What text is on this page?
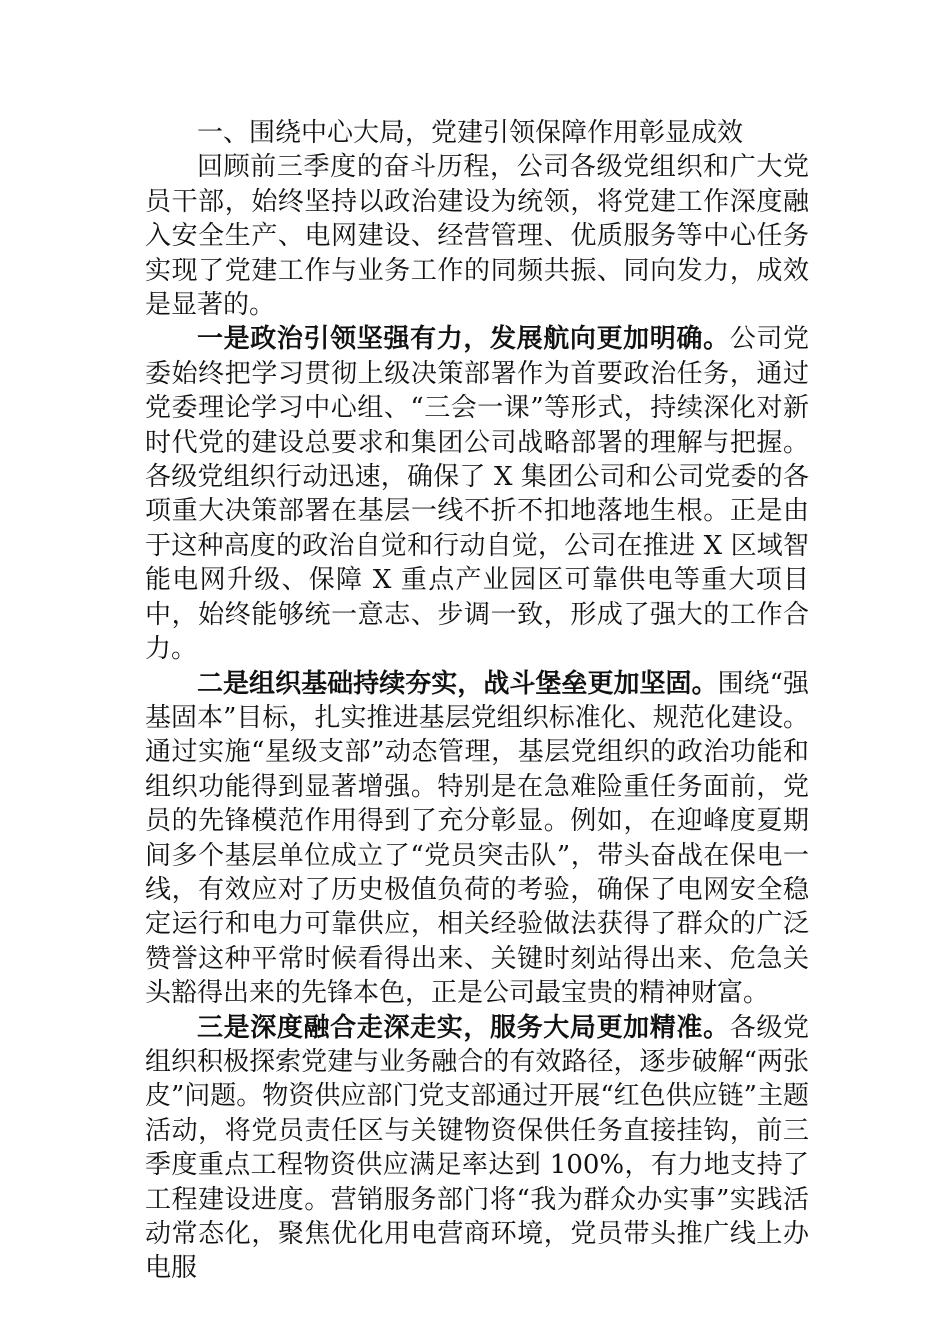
一、围绕中心大局，党建引领保障作用彰显成效

回顾前三季度的奋斗历程，公司各级党组织和广大党员干部，始终坚持以政治建设为统领，将党建工作深度融入安全生产、电网建设、经营管理、优质服务等中心任务实现了党建工作与业务工作的同频共振、同向发力，成效是显著的。

一是政治引领坚强有力，发展航向更加明确。公司党委始终把学习贯彻上级决策部署作为首要政治任务，通过党委理论学习中心组、“三会一课”等形式，持续深化对新时代党的建设总要求和集团公司战略部署的理解与把握。各级党组织行动迅速，确保了 X 集团公司和公司党委的各项重大决策部署在基层一线不折不扣地落地生根。正是由于这种高度的政治自觉和行动自觉，公司在推进 X 区域智能电网升级、保障 X 重点产业园区可靠供电等重大项目中，始终能够统一意志、步调一致，形成了强大的工作合力。

二是组织基础持续夯实，战斗堡垒更加坚固。围绕“强基固本”目标，扎实推进基层党组织标准化、规范化建设。通过实施“星级支部”动态管理，基层党组织的政治功能和组织功能得到显著增强。特别是在急难险重任务面前，党员的先锋模范作用得到了充分彰显。例如，在迎峰度夏期间多个基层单位成立了“党员突击队”，带头奋战在保电一线，有效应对了历史极值负荷的考验，确保了电网安全稳定运行和电力可靠供应，相关经验做法获得了群众的广泛赞誉这种平常时候看得出来、关键时刻站得出来、危急关头豁得出来的先锋本色，正是公司最宝贵的精神财富。

三是深度融合走深走实，服务大局更加精准。各级党组织积极探索党建与业务融合的有效路径，逐步破解“两张皮”问题。物资供应部门党支部通过开展“红色供应链”主题活动，将党员责任区与关键物资保供任务直接挂钩，前三季度重点工程物资供应满足率达到 100%，有力地支持了工程建设进度。营销服务部门将“我为群众办实事”实践活动常态化，聚焦优化用电营商环境，党员带头推广线上办电服
